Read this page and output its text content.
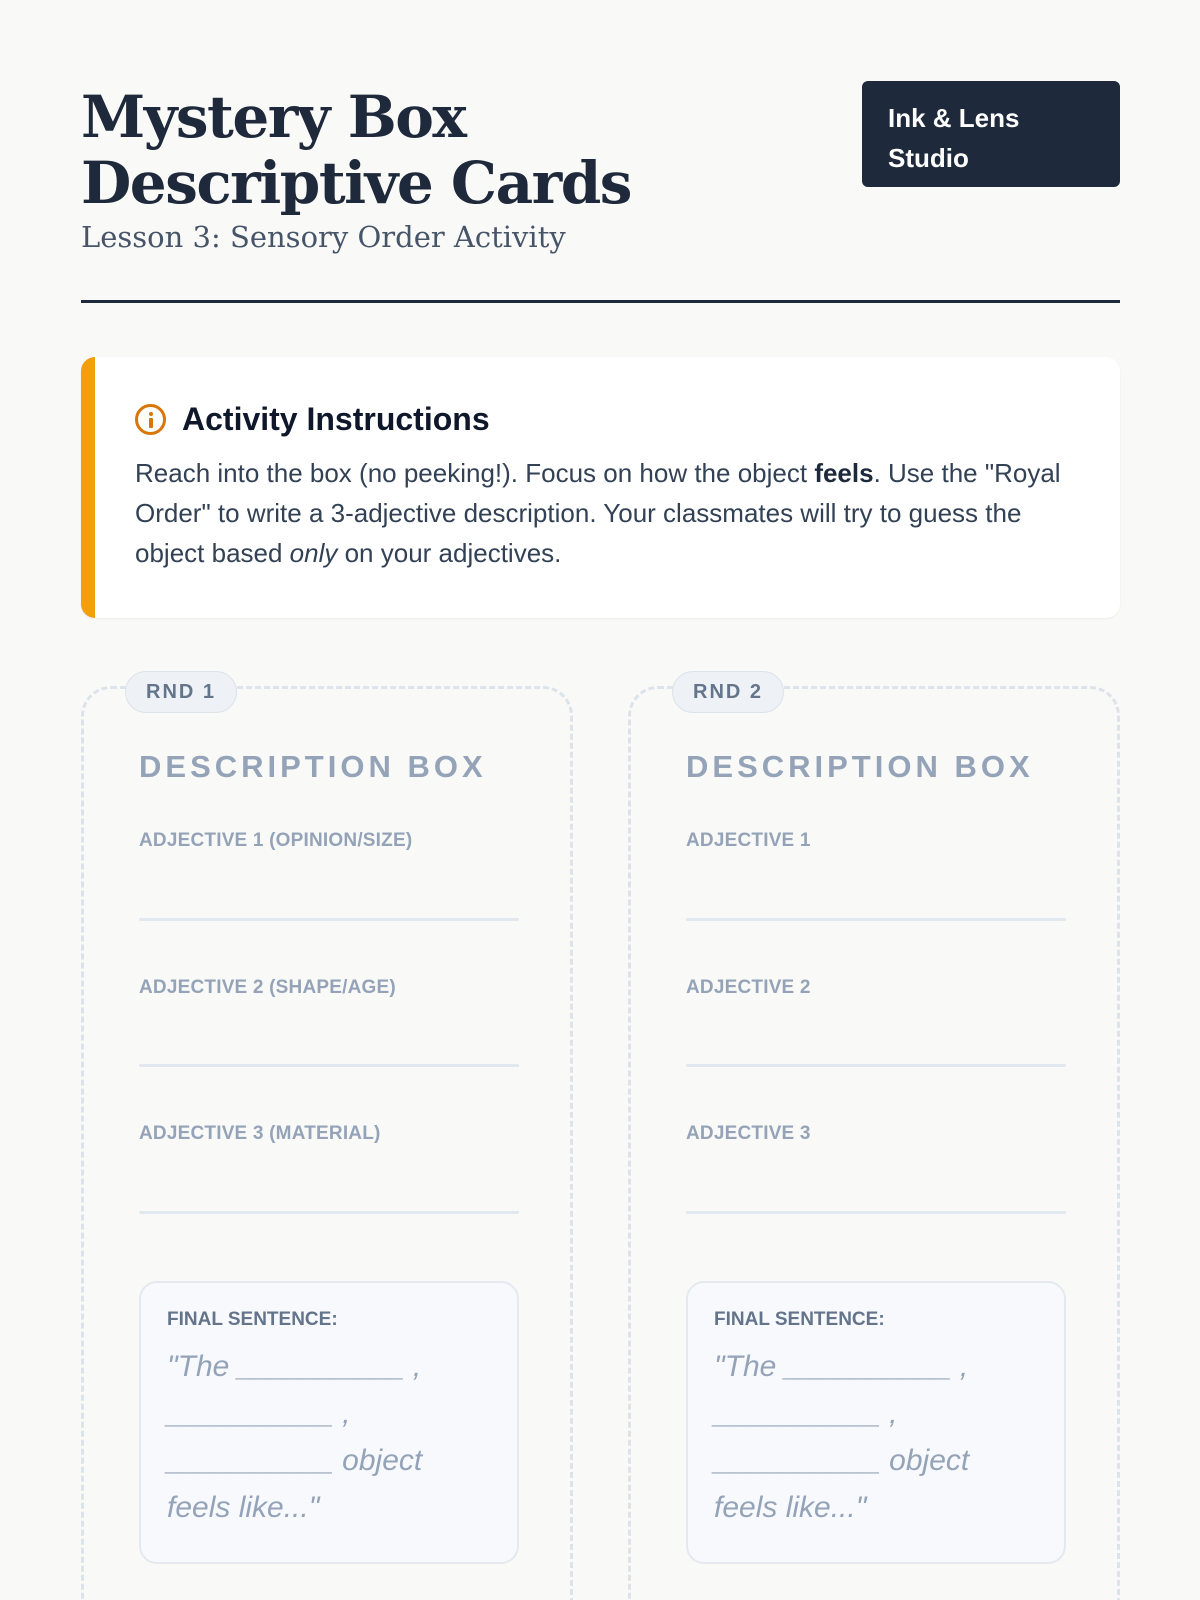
Mystery Box Descriptive Cards
Lesson 3: Sensory Order Activity
Ink & Lens Studio
Activity Instructions

Reach into the box (no peeking!). Focus on how the object feels. Use the "Royal Order" to write a 3-adjective description. Your classmates will try to guess the object based only on your adjectives.

RND 1
DESCRIPTION BOX
ADJECTIVE 1 (OPINION/SIZE)
ADJECTIVE 2 (SHAPE/AGE)
ADJECTIVE 3 (MATERIAL)
FINAL SENTENCE:
"The __________ , __________ , __________ object feels like..."
RND 2
DESCRIPTION BOX
ADJECTIVE 1
ADJECTIVE 2
ADJECTIVE 3
FINAL SENTENCE:
"The __________ , __________ , __________ object feels like..."
